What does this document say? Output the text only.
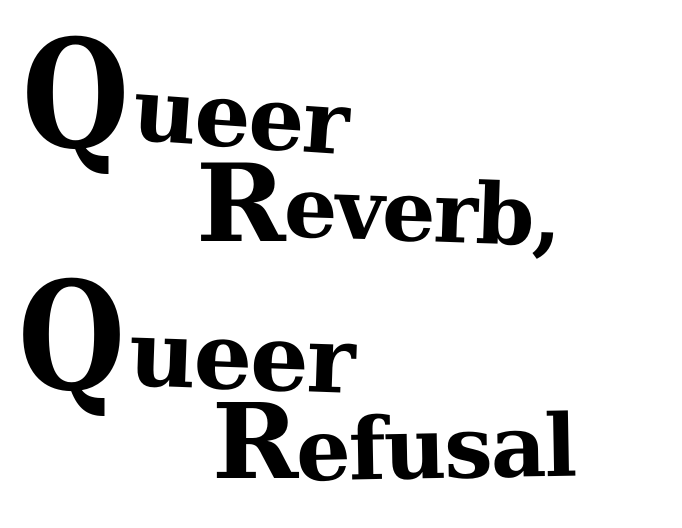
Queer
Reverb,
Queer
Refusal
